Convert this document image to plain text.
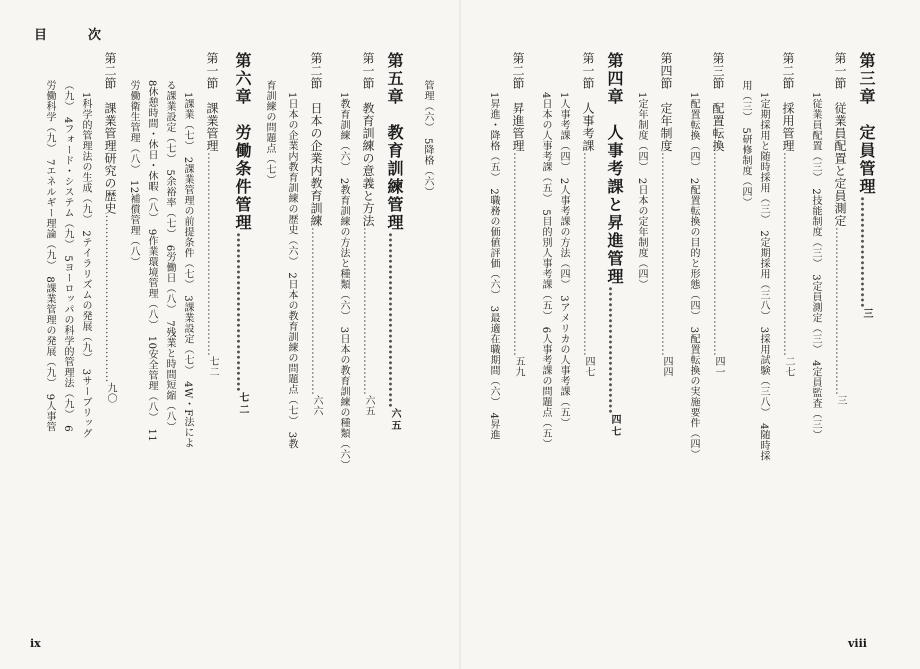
目　次
ix	viii
第三章　定員管理…………………三
第一節　従業員配置と定員測定……………………………………三
1従業員配置（三）　2技能制度（三）　3定員測定（三）　4定員監査（三）
第二節　採用管理……………………………………………二七
1定期採用と随時採用（三）　2定期採用（三八）　3採用試験（三八）　4随時採
用（三）　5研修制度（四）
第三節　配置転換……………………………………………四一
1配置転換（四）　2配置転換の目的と形態（四）　3配置転換の実施要件（四）
第四節　定年制度……………………………………………四四
1定年制度（四）　2日本の定年制度（四）
第四章　人事考課と昇進管理……………………四七
第一節　人事考課……………………………………………四七
1人事考課（四）　2人事考課の方法（四）　3アメリカの人事考課（五）
4日本の人事考課（五）　5目的別人事考課（五）　6人事考課の問題点（五）
第二節　昇進管理……………………………………………五九
1昇進・降格（五）　2職務の価値評価（六）　3最適在職期間（六）　4昇進
管理（六）　5降格（六）
第五章　教育訓練管理……………………………六五
第一節　教育訓練の意義と方法……………………………………六五
1教育訓練（六）　2教育訓練の方法と種類（六）　3日本の教育訓練の種類（六）
第二節　日本の企業内教育訓練……………………………………六六
1日本の企業内教育訓練の歴史（六）　2日本の教育訓練の問題点（七）　3教
育訓練の問題点（七）
第六章　労働条件管理…………………………七二
第一節　課業管理……………………………………………七二
1課業（七）　2課業管理の前提条件（七）　3課業設定（七）　4W・F法によ
る課業設定（七）　5余裕率（七）　6労働日（八）　7残業と時間短縮（八）
8休憩時間・休日・休暇（八）　9作業環境管理（八）　10安全管理（八）　11
労働衛生管理（八）　12補償管理（八）
第二節　課業管理研究の歴史……………………………………九〇
1科学的管理法の生成（九）　2テイラリズムの発展（九）　3サーブリッグ
（九）　4フォード・システム（九）　5ヨーロッパの科学的管理法（九）　6
労働科学（九）　7エネルギー理論（九）　8課業管理の発展（九）　9人事管
